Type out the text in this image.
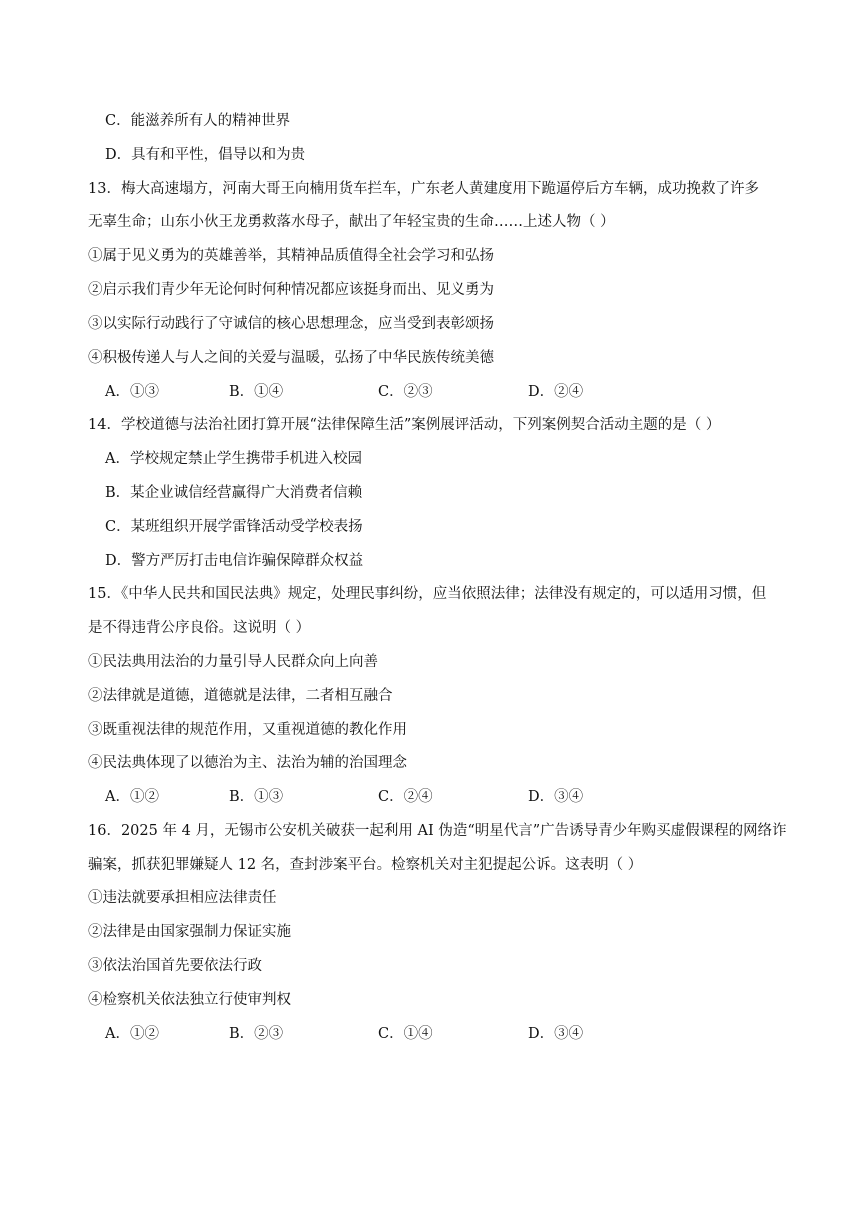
C．能滋养所有人的精神世界
D．具有和平性，倡导以和为贵
13．梅大高速塌方，河南大哥王向楠用货车拦车，广东老人黄建度用下跪逼停后方车辆，成功挽救了许多
无辜生命；山东小伙王龙勇救落水母子，献出了年轻宝贵的生命……上述人物（ ）
①属于见义勇为的英雄善举，其精神品质值得全社会学习和弘扬
②启示我们青少年无论何时何种情况都应该挺身而出、见义勇为
③以实际行动践行了守诚信的核心思想理念，应当受到表彰颂扬
④积极传递人与人之间的关爱与温暖，弘扬了中华民族传统美德
A．①③	B．①④	C．②③	D．②④
14．学校道德与法治社团打算开展“法律保障生活”案例展评活动，下列案例契合活动主题的是（ ）
A．学校规定禁止学生携带手机进入校园
B．某企业诚信经营赢得广大消费者信赖
C．某班组织开展学雷锋活动受学校表扬
D．警方严厉打击电信诈骗保障群众权益
15．《中华人民共和国民法典》规定，处理民事纠纷，应当依照法律；法律没有规定的，可以适用习惯，但
是不得违背公序良俗。这说明（ ）
①民法典用法治的力量引导人民群众向上向善
②法律就是道德，道德就是法律，二者相互融合
③既重视法律的规范作用，又重视道德的教化作用
④民法典体现了以德治为主、法治为辅的治国理念
A．①②	B．①③	C．②④	D．③④
16．2025 年 4 月，无锡市公安机关破获一起利用 AI 伪造“明星代言”广告诱导青少年购买虚假课程的网络诈
骗案，抓获犯罪嫌疑人 12 名，查封涉案平台。检察机关对主犯提起公诉。这表明（ ）
①违法就要承担相应法律责任
②法律是由国家强制力保证实施
③依法治国首先要依法行政
④检察机关依法独立行使审判权
A．①②	B．②③	C．①④	D．③④
